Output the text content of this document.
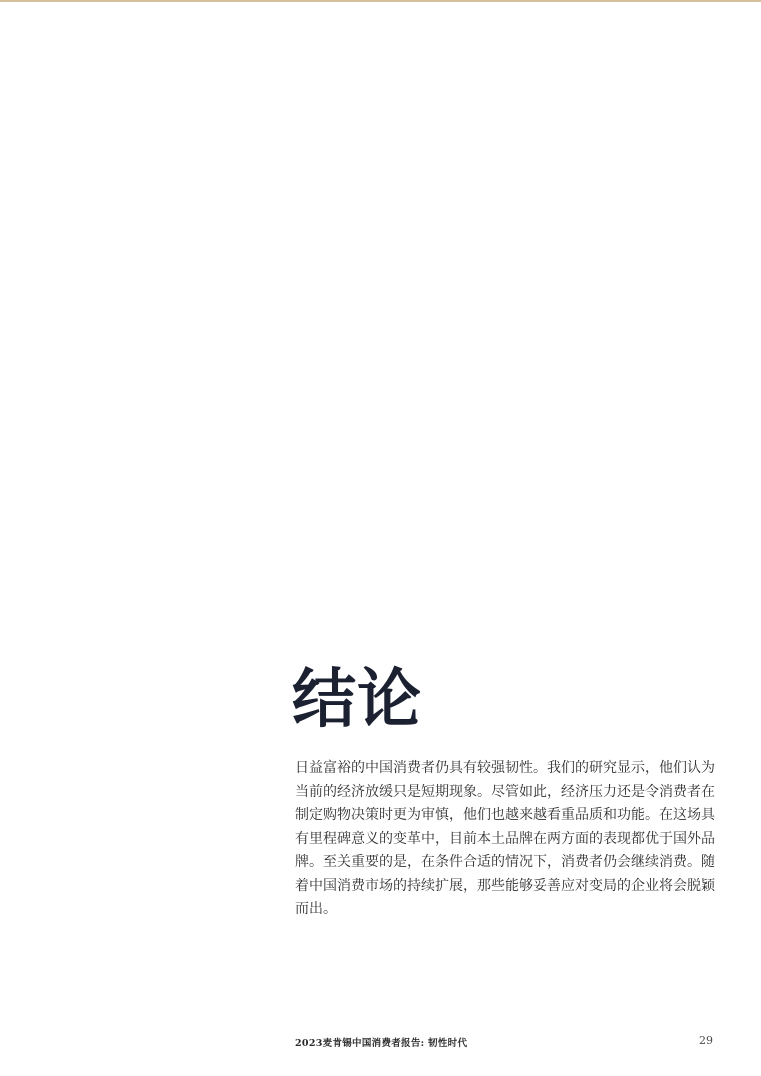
结论

日益富裕的中国消费者仍具有较强韧性。我们的研究显示，他们认为当前的经济放缓只是短期现象。尽管如此，经济压力还是令消费者在制定购物决策时更为审慎，他们也越来越看重品质和功能。在这场具有里程碑意义的变革中，目前本土品牌在两方面的表现都优于国外品牌。至关重要的是，在条件合适的情况下，消费者仍会继续消费。随着中国消费市场的持续扩展，那些能够妥善应对变局的企业将会脱颖而出。

2023麦肯锡中国消费者报告: 韧性时代	29
